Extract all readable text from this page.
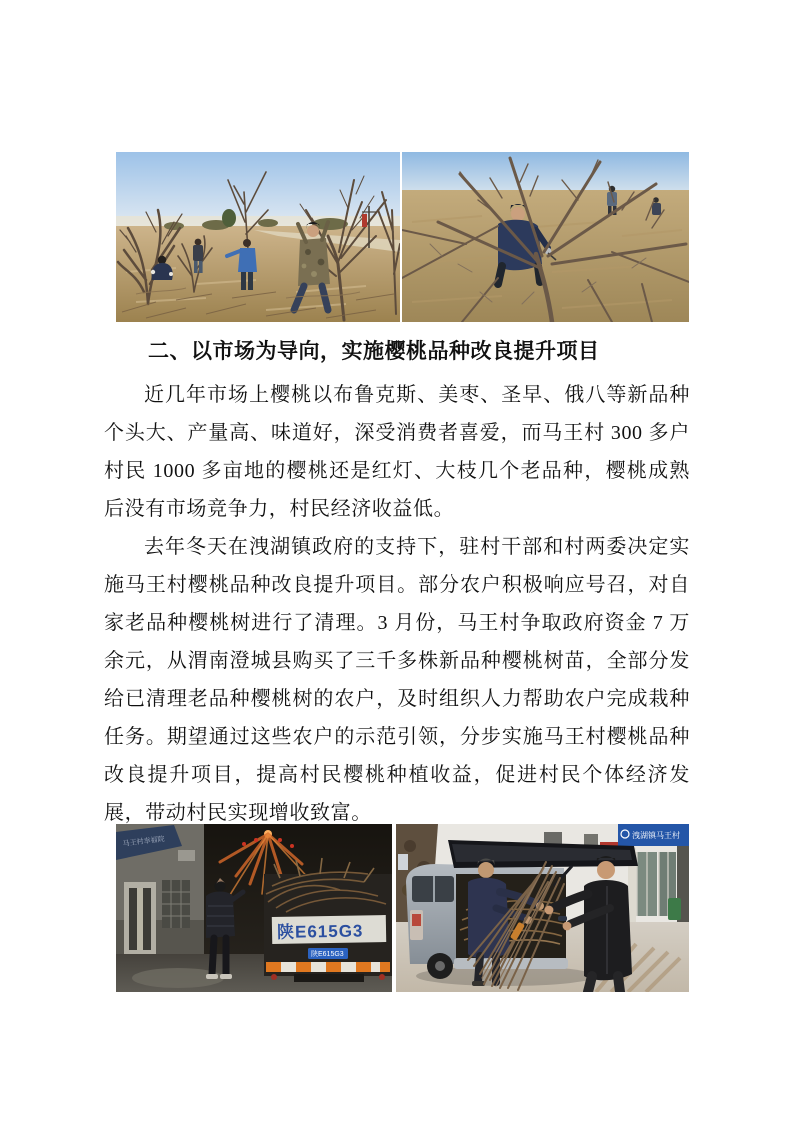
二、以市场为导向，实施樱桃品种改良提升项目

近几年市场上樱桃以布鲁克斯、美枣、圣早、俄八等新品种个头大、产量高、味道好，深受消费者喜爱，而马王村 300 多户村民 1000 多亩地的樱桃还是红灯、大枝几个老品种，樱桃成熟后没有市场竞争力，村民经济收益低。

去年冬天在洩湖镇政府的支持下，驻村干部和村两委决定实施马王村樱桃品种改良提升项目。部分农户积极响应号召，对自家老品种樱桃树进行了清理。3 月份，马王村争取政府资金 7 万余元，从渭南澄城县购买了三千多株新品种樱桃树苗，全部分发给已清理老品种樱桃树的农户，及时组织人力帮助农户完成栽种任务。期望通过这些农户的示范引领，分步实施马王村樱桃品种改良提升项目，提高村民樱桃种植收益，促进村民个体经济发展，带动村民实现增收致富。

马王村幸福院
陕E615G3
陕E615G3
洩湖镇马王村
